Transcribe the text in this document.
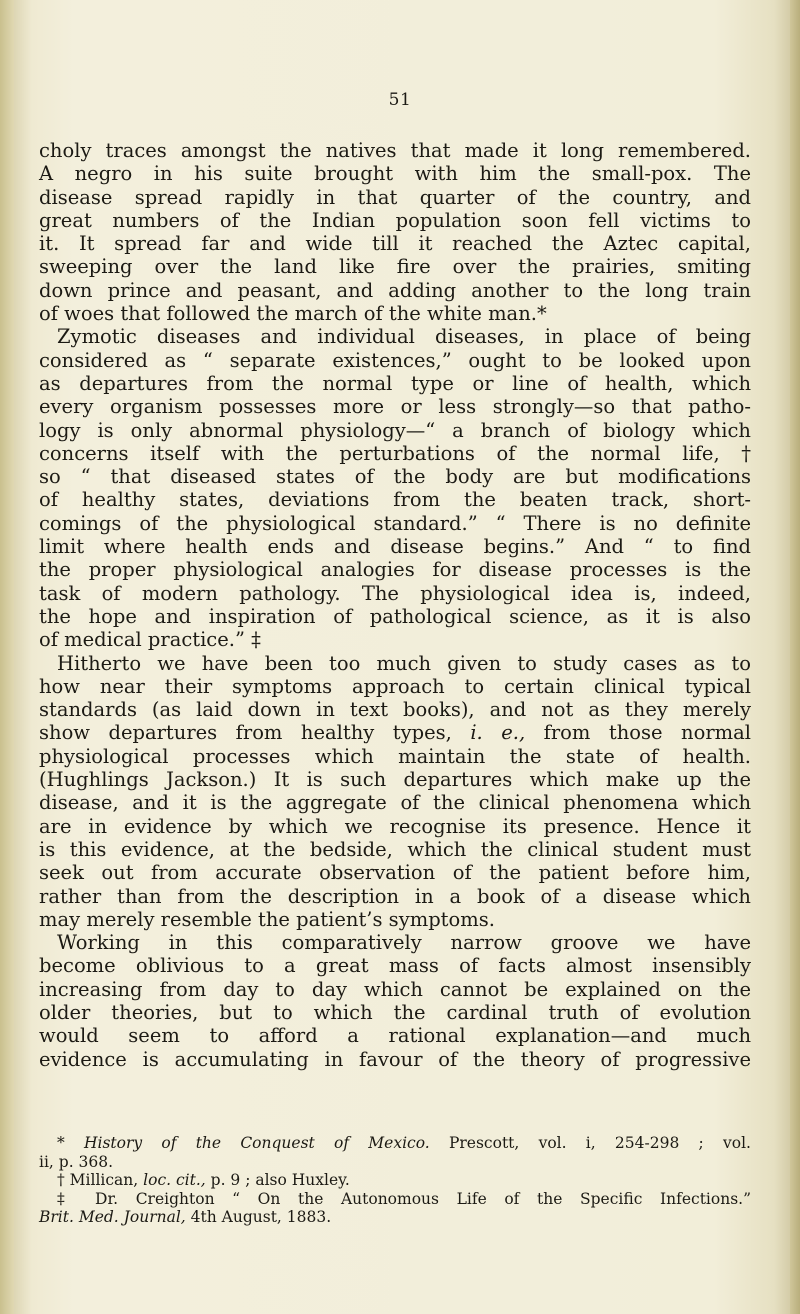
51
choly traces amongst the natives that made it long remembered.
A negro in his suite brought with him the small-pox. The
disease spread rapidly in that quarter of the country, and
great numbers of the Indian population soon fell victims to
it. It spread far and wide till it reached the Aztec capital,
sweeping over the land like fire over the prairies, smiting
down prince and peasant, and adding another to the long train
of woes that followed the march of the white man.*
Zymotic diseases and individual diseases, in place of being
considered as “ separate existences,” ought to be looked upon
as departures from the normal type or line of health, which
every organism possesses more or less strongly—so that patho-
logy is only abnormal physiology—“ a branch of biology which
concerns itself with the perturbations of the normal life, †
so “ that diseased states of the body are but modifications
of healthy states, deviations from the beaten track, short-
comings of the physiological standard.” “ There is no definite
limit where health ends and disease begins.” And “ to find
the proper physiological analogies for disease processes is the
task of modern pathology. The physiological idea is, indeed,
the hope and inspiration of pathological science, as it is also
of medical practice.” ‡
Hitherto we have been too much given to study cases as to
how near their symptoms approach to certain clinical typical
standards (as laid down in text books), and not as they merely
show departures from healthy types, i. e., from those normal
physiological processes which maintain the state of health.
(Hughlings Jackson.) It is such departures which make up the
disease, and it is the aggregate of the clinical phenomena which
are in evidence by which we recognise its presence. Hence it
is this evidence, at the bedside, which the clinical student must
seek out from accurate observation of the patient before him,
rather than from the description in a book of a disease which
may merely resemble the patient’s symptoms.
Working in this comparatively narrow groove we have
become oblivious to a great mass of facts almost insensibly
increasing from day to day which cannot be explained on the
older theories, but to which the cardinal truth of evolution
would seem to afford a rational explanation—and much
evidence is accumulating in favour of the theory of progressive
* History of the Conquest of Mexico. Prescott, vol. i, 254-298 ; vol.
ii, p. 368.
† Millican, loc. cit., p. 9 ; also Huxley.
‡ Dr. Creighton “ On the Autonomous Life of the Specific Infections.”
Brit. Med. Journal, 4th August, 1883.
